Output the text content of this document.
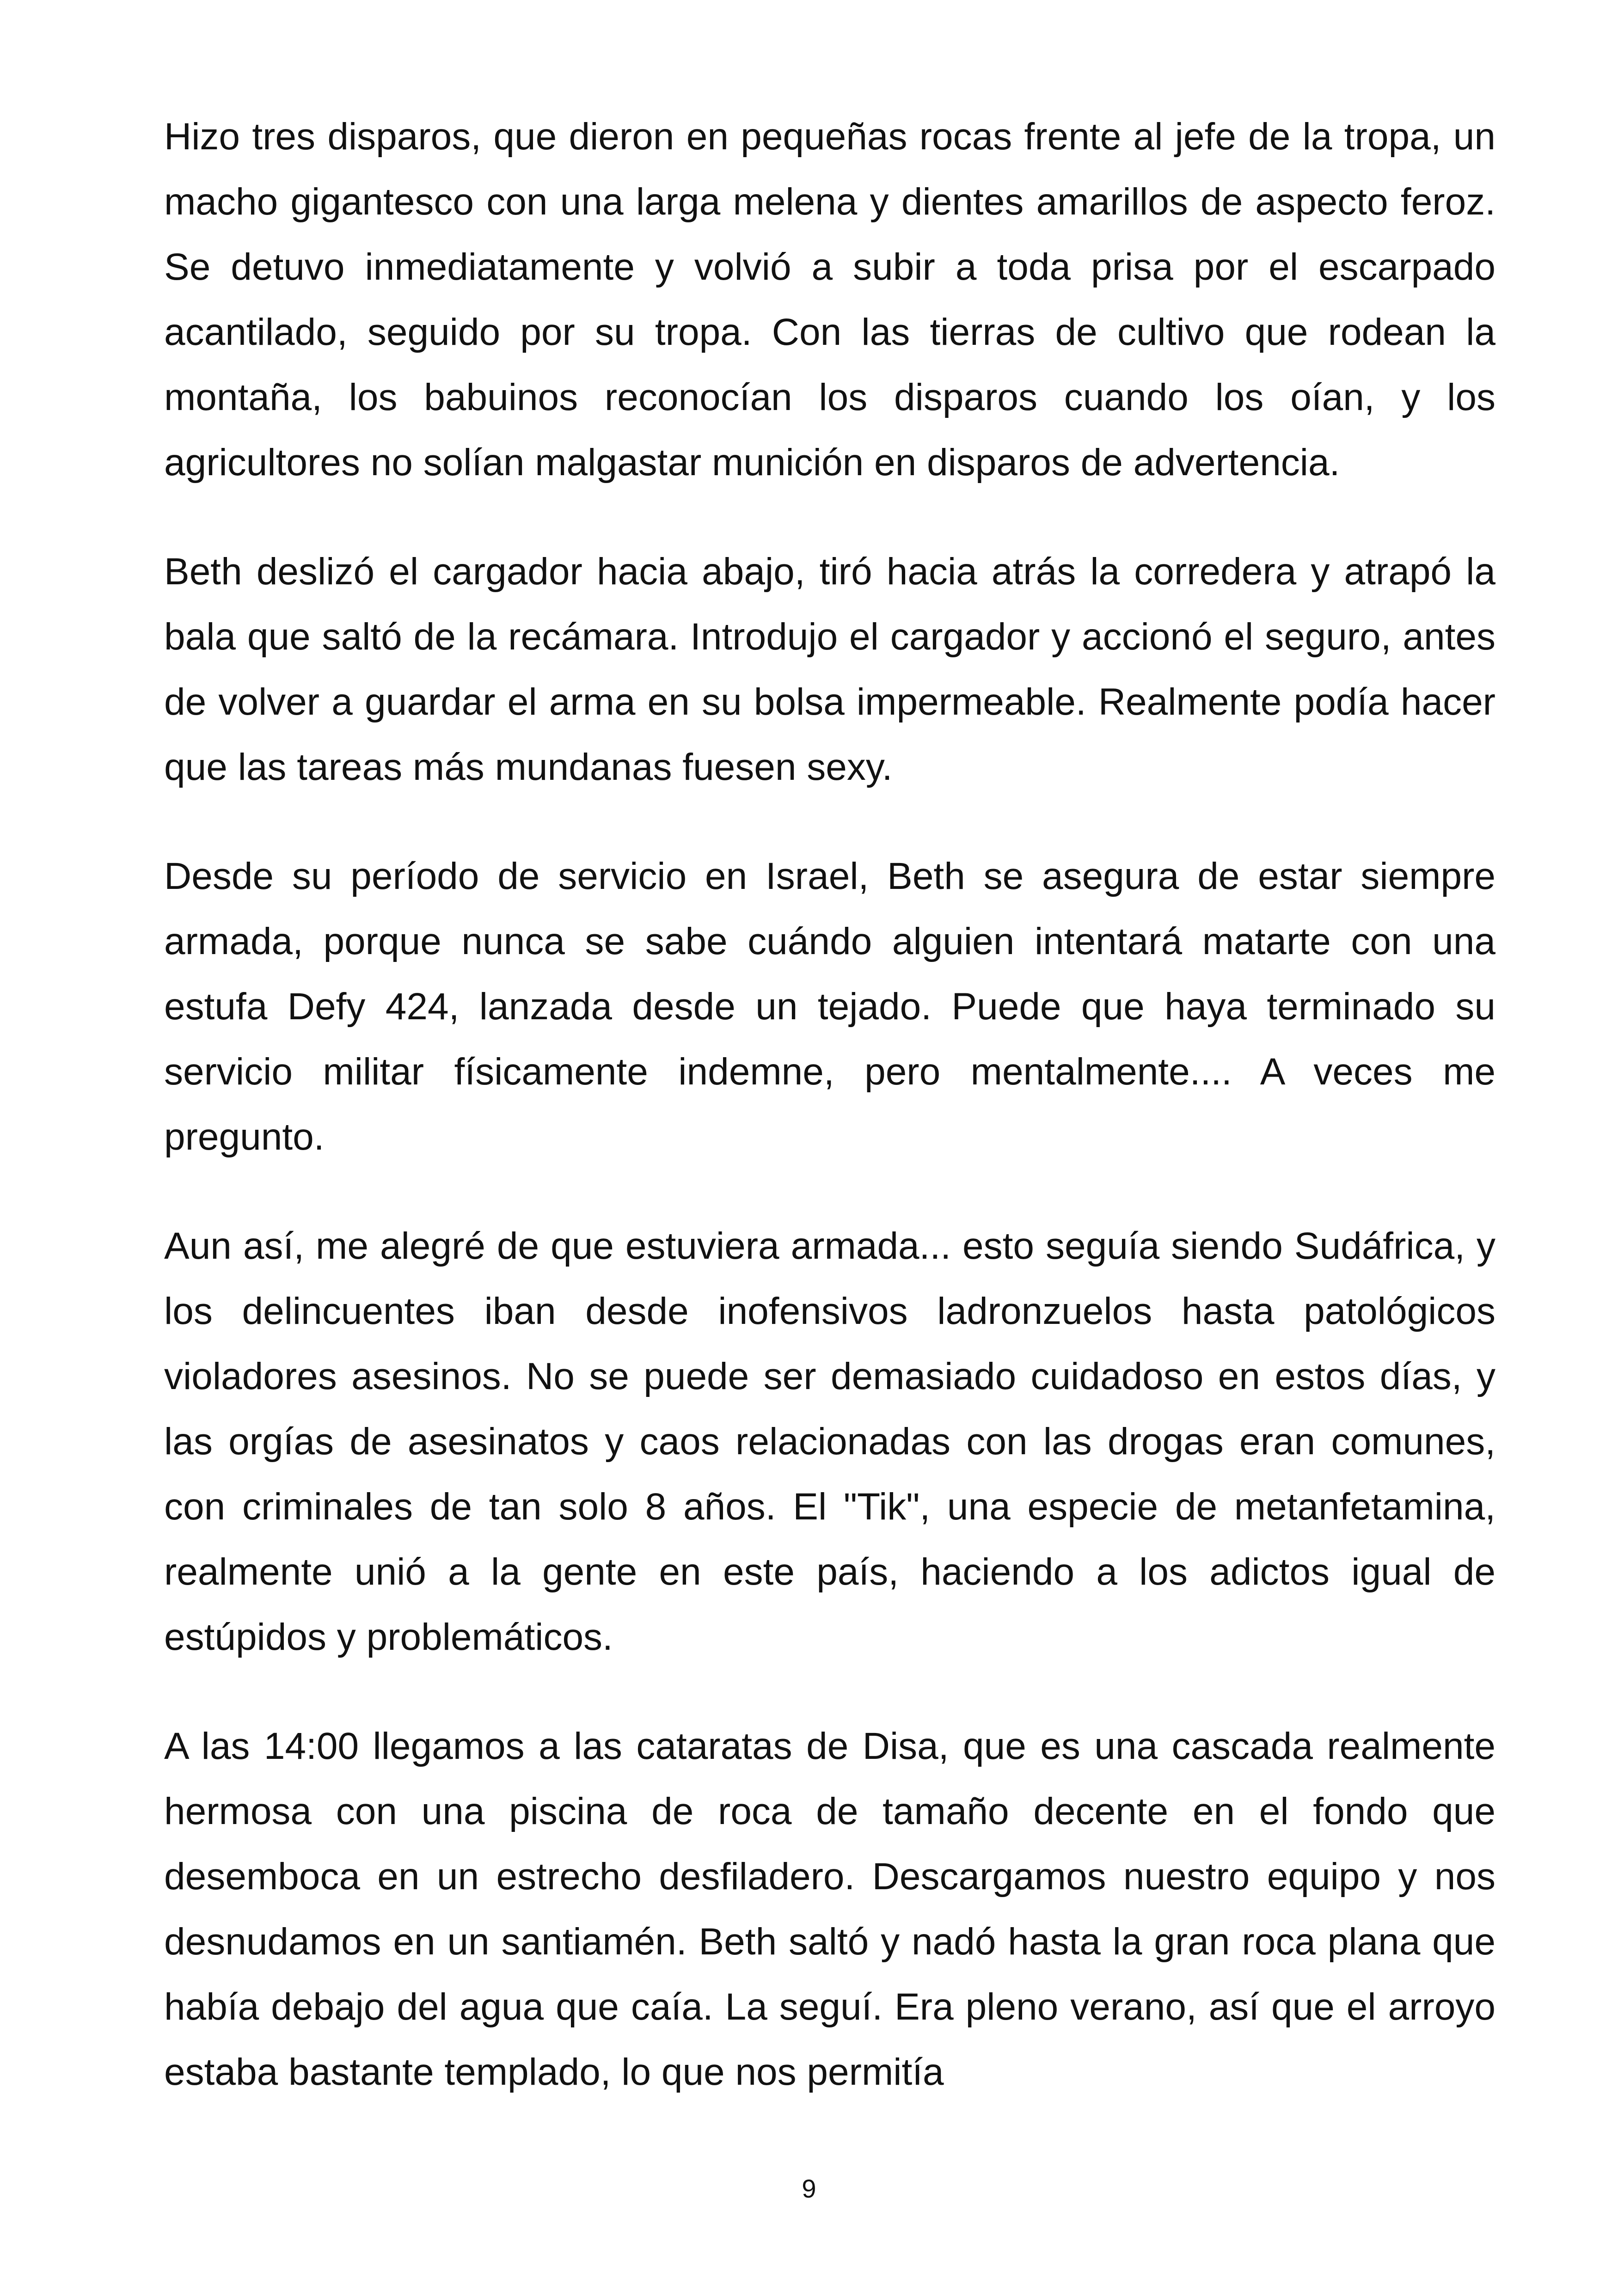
Hizo tres disparos, que dieron en pequeñas rocas frente al jefe de la tropa, un macho gigantesco con una larga melena y dientes amarillos de aspecto feroz. Se detuvo inmediatamente y volvió a subir a toda prisa por el escarpado acantilado, seguido por su tropa. Con las tierras de cultivo que rodean la montaña, los babuinos reconocían los disparos cuando los oían, y los agricultores no solían malgastar munición en disparos de advertencia.

Beth deslizó el cargador hacia abajo, tiró hacia atrás la corredera y atrapó la bala que saltó de la recámara. Introdujo el cargador y accionó el seguro, antes de volver a guardar el arma en su bolsa impermeable. Realmente podía hacer que las tareas más mundanas fuesen sexy.

Desde su período de servicio en Israel, Beth se asegura de estar siempre armada, porque nunca se sabe cuándo alguien intentará matarte con una estufa Defy 424, lanzada desde un tejado. Puede que haya terminado su servicio militar físicamente indemne, pero mentalmente.... A veces me pregunto.

Aun así, me alegré de que estuviera armada... esto seguía siendo Sudáfrica, y los delincuentes iban desde inofensivos ladronzuelos hasta patológicos violadores asesinos. No se puede ser demasiado cuidadoso en estos días, y las orgías de asesinatos y caos relacionadas con las drogas eran comunes, con criminales de tan solo 8 años. El "Tik", una especie de metanfetamina, realmente unió a la gente en este país, haciendo a los adictos igual de estúpidos y problemáticos.

A las 14:00 llegamos a las cataratas de Disa, que es una cascada realmente hermosa con una piscina de roca de tamaño decente en el fondo que desemboca en un estrecho desfiladero. Descargamos nuestro equipo y nos desnudamos en un santiamén. Beth saltó y nadó hasta la gran roca plana que había debajo del agua que caía. La seguí. Era pleno verano, así que el arroyo estaba bastante templado, lo que nos permitía

9
